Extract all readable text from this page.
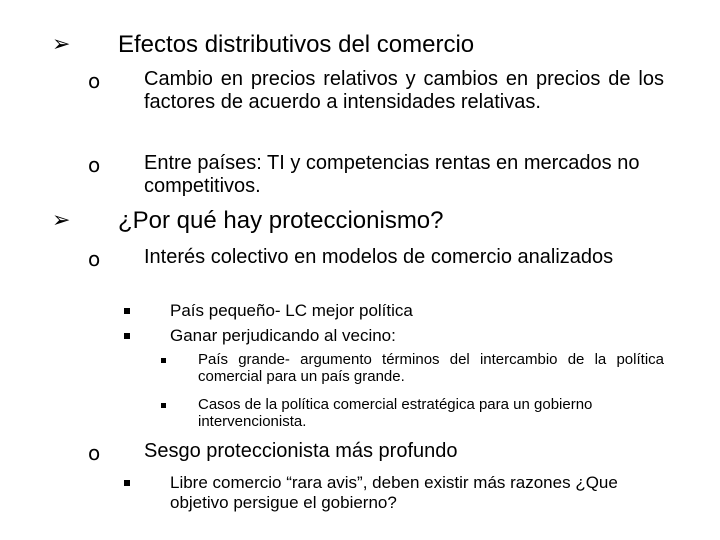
➢ Efectos distributivos del comercio
o Cambio en precios relativos y cambios en precios de los factores de acuerdo a intensidades relativas.
o Entre países: TI y competencias rentas en mercados no competitivos.
➢ ¿Por qué hay proteccionismo?
o Interés colectivo en modelos de comercio analizados
País pequeño- LC mejor política
Ganar perjudicando al vecino:
País grande- argumento términos del intercambio de la política comercial para un país grande.
Casos de la política comercial estratégica para un gobierno intervencionista.
o Sesgo proteccionista más profundo
Libre comercio “rara avis”, deben existir más razones ¿Que objetivo persigue el gobierno?
